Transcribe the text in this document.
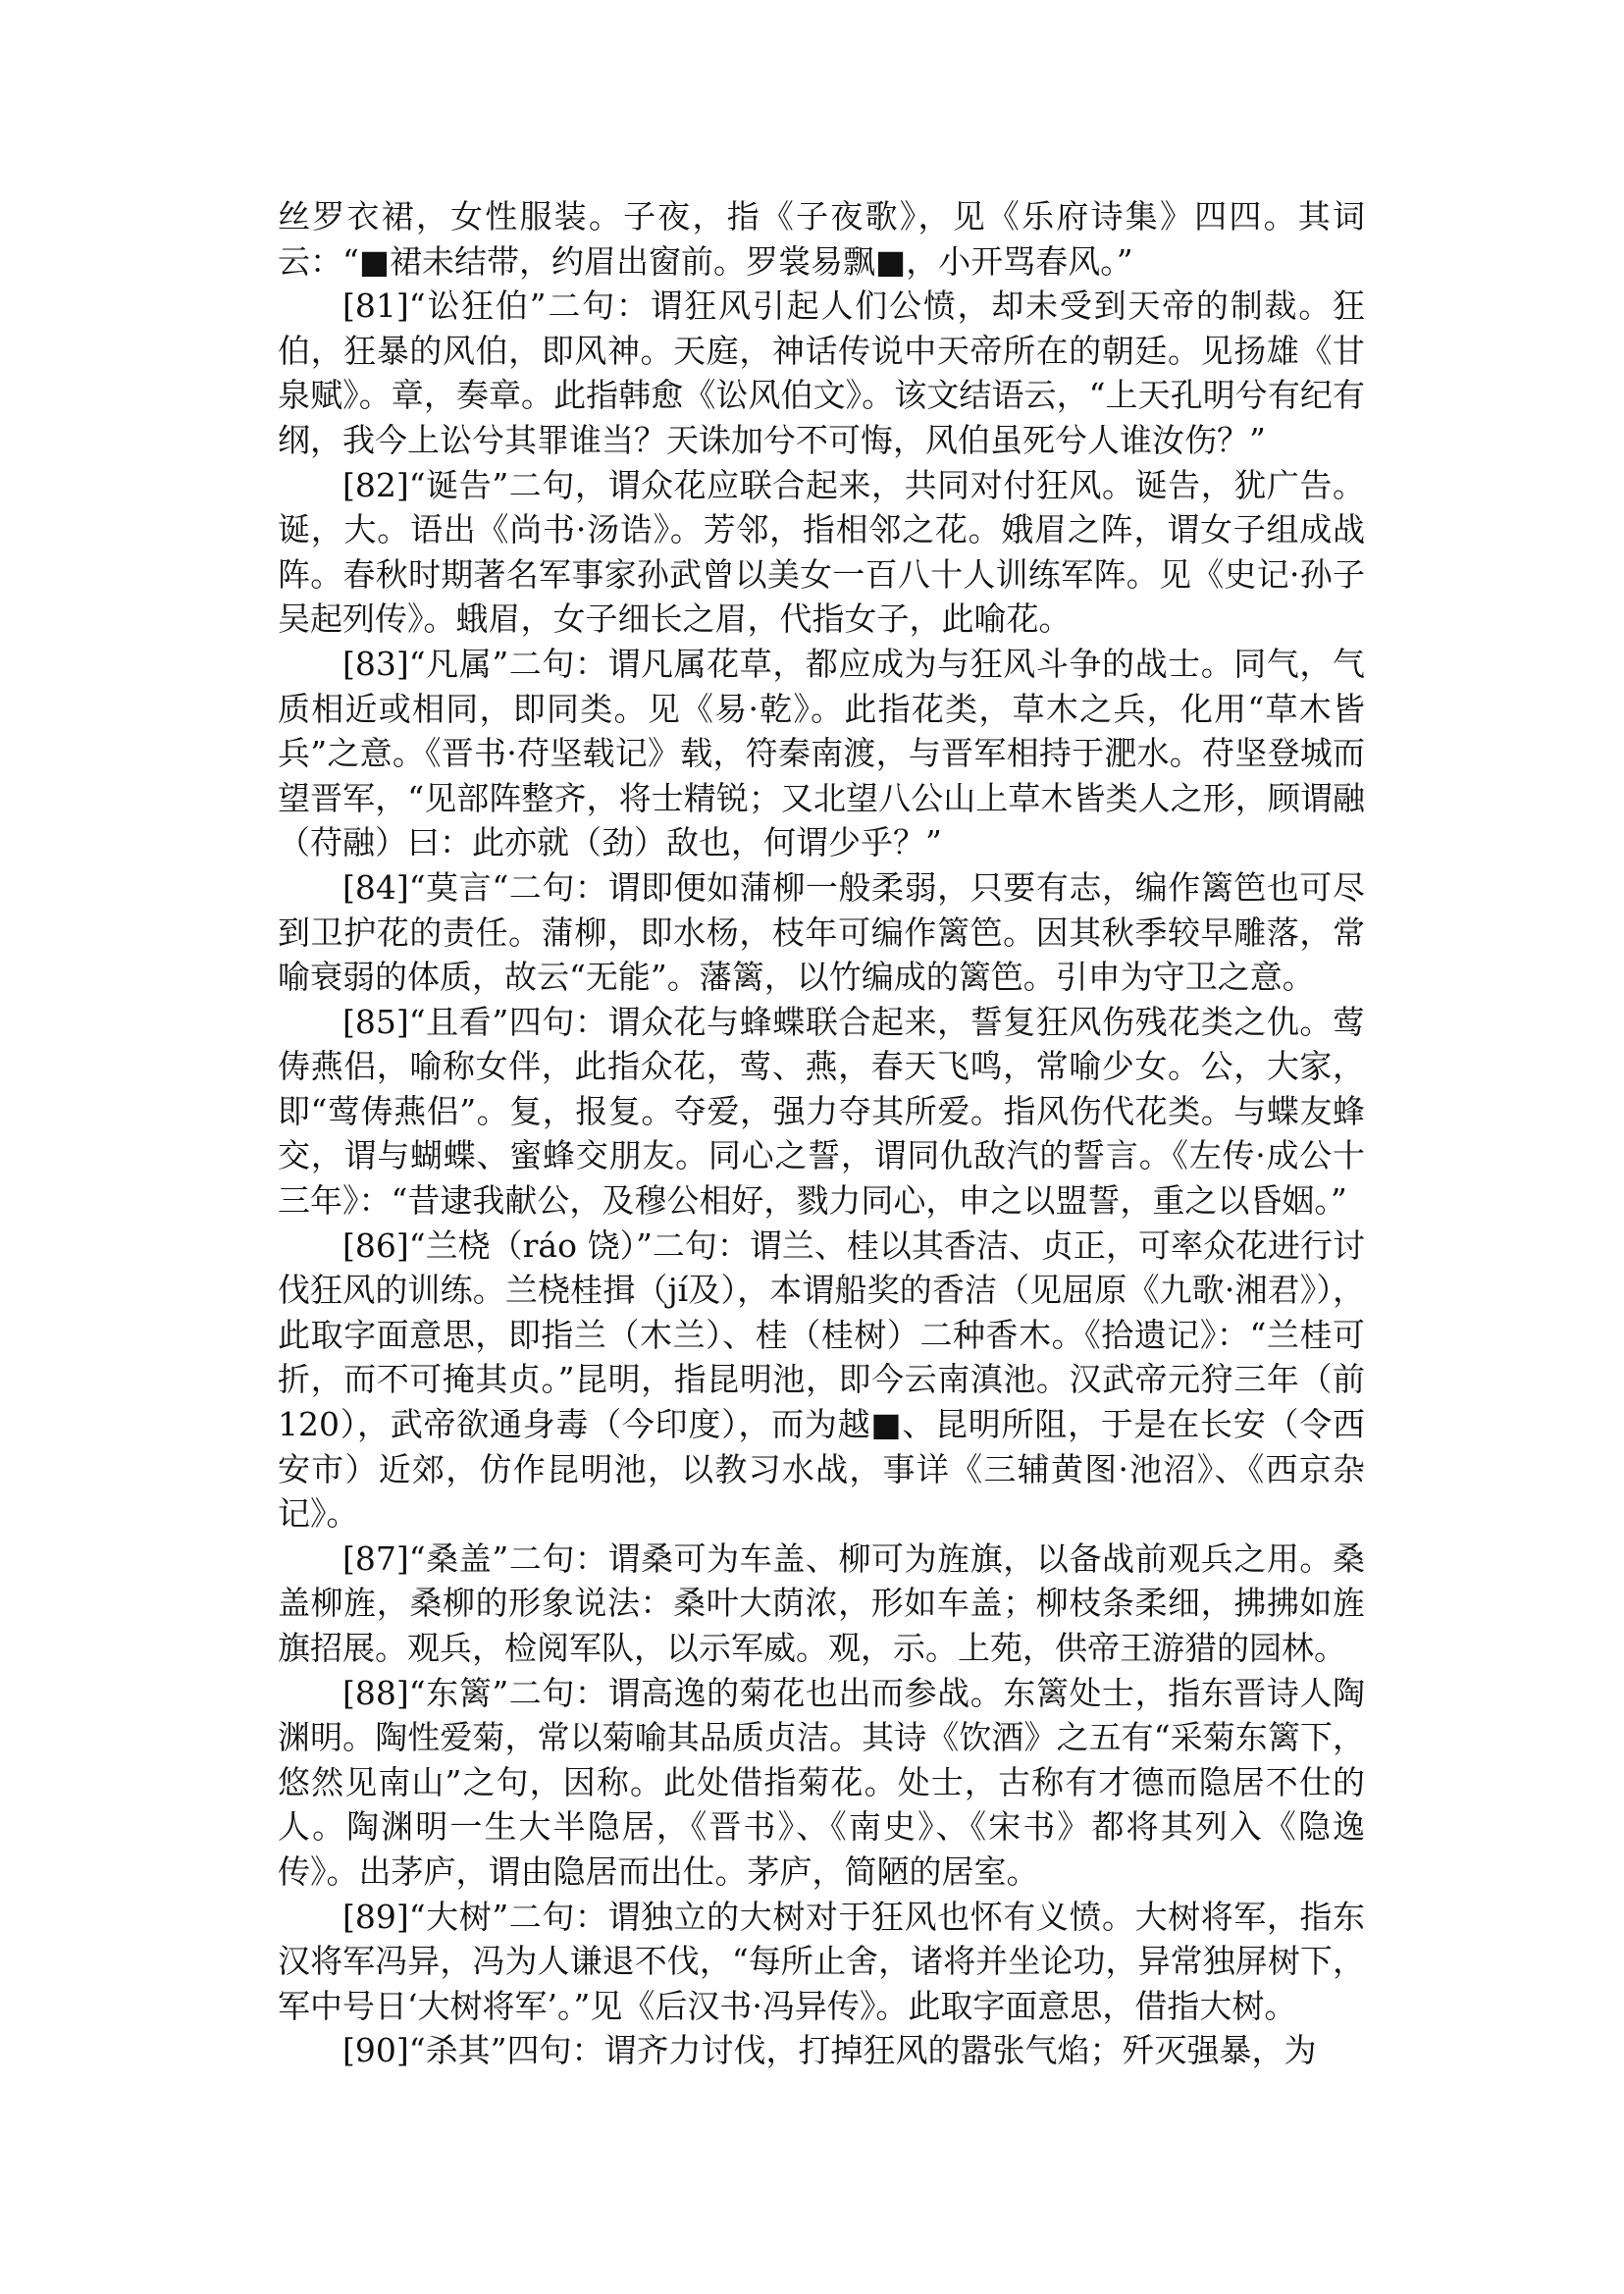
丝罗衣裙，女性服装。子夜，指《子夜歌》，见《乐府诗集》四四。其词云：“■裙未结带，约眉出窗前。罗裳易飘■，小开骂春风。”

[81]“讼狂伯”二句：谓狂风引起人们公愤，却未受到天帝的制裁。狂伯，狂暴的风伯，即风神。天庭，神话传说中天帝所在的朝廷。见扬雄《甘泉赋》。章，奏章。此指韩愈《讼风伯文》。该文结语云，“上天孔明兮有纪有纲，我今上讼兮其罪谁当？天诛加兮不可悔，风伯虽死兮人谁汝伤？”

[82]“诞告”二句，谓众花应联合起来，共同对付狂风。诞告，犹广告。诞，大。语出《尚书·汤诰》。芳邻，指相邻之花。娥眉之阵，谓女子组成战阵。春秋时期著名军事家孙武曾以美女一百八十人训练军阵。见《史记·孙子吴起列传》。蛾眉，女子细长之眉，代指女子，此喻花。

[83]“凡属”二句：谓凡属花草，都应成为与狂风斗争的战士。同气，气质相近或相同，即同类。见《易·乾》。此指花类，草木之兵，化用“草木皆兵”之意。《晋书·苻坚载记》载，符秦南渡，与晋军相持于淝水。苻坚登城而望晋军，“见部阵整齐，将士精锐；又北望八公山上草木皆类人之形，顾谓融（苻融）曰：此亦就（劲）敌也，何谓少乎？”

[84]“莫言“二句：谓即便如蒲柳一般柔弱，只要有志，编作篱笆也可尽到卫护花的责任。蒲柳，即水杨，枝年可编作篱笆。因其秋季较早雕落，常喻衰弱的体质，故云“无能”。藩篱，以竹编成的篱笆。引申为守卫之意。

[85]“且看”四句：谓众花与蜂蝶联合起来，誓复狂风伤残花类之仇。莺俦燕侣，喻称女伴，此指众花，莺、燕，春天飞鸣，常喻少女。公，大家，即“莺俦燕侣”。复，报复。夺爱，强力夺其所爱。指风伤代花类。与蝶友蜂交，谓与蝴蝶、蜜蜂交朋友。同心之誓，谓同仇敌汽的誓言。《左传·成公十三年》：“昔逮我献公，及穆公相好，戮力同心，申之以盟誓，重之以昏姻。”

[86]“兰桡（ráo 饶）”二句：谓兰、桂以其香洁、贞正，可率众花进行讨伐狂风的训练。兰桡桂揖（jí及），本谓船奖的香洁（见屈原《九歌·湘君》），此取字面意思，即指兰（木兰）、桂（桂树）二种香木。《拾遗记》：“兰桂可折，而不可掩其贞。”昆明，指昆明池，即今云南滇池。汉武帝元狩三年（前 120），武帝欲通身毒（今印度），而为越■、昆明所阻，于是在长安（令西安市）近郊，仿作昆明池，以教习水战，事详《三辅黄图·池沼》、《西京杂记》。

[87]“桑盖”二句：谓桑可为车盖、柳可为旌旗，以备战前观兵之用。桑盖柳旌，桑柳的形象说法：桑叶大荫浓，形如车盖；柳枝条柔细，拂拂如旌旗招展。观兵，检阅军队，以示军威。观，示。上苑，供帝王游猎的园林。

[88]“东篱”二句：谓高逸的菊花也出而参战。东篱处士，指东晋诗人陶渊明。陶性爱菊，常以菊喻其品质贞洁。其诗《饮酒》之五有“采菊东篱下，悠然见南山”之句，因称。此处借指菊花。处士，古称有才德而隐居不仕的人。陶渊明一生大半隐居，《晋书》、《南史》、《宋书》都将其列入《隐逸传》。出茅庐，谓由隐居而出仕。茅庐，简陋的居室。

[89]“大树”二句：谓独立的大树对于狂风也怀有义愤。大树将军，指东汉将军冯异，冯为人谦退不伐，“每所止舍，诸将并坐论功，异常独屏树下，军中号日‘大树将军’。”见《后汉书·冯异传》。此取字面意思，借指大树。

[90]“杀其”四句：谓齐力讨伐，打掉狂风的嚣张气焰；歼灭强暴，为
